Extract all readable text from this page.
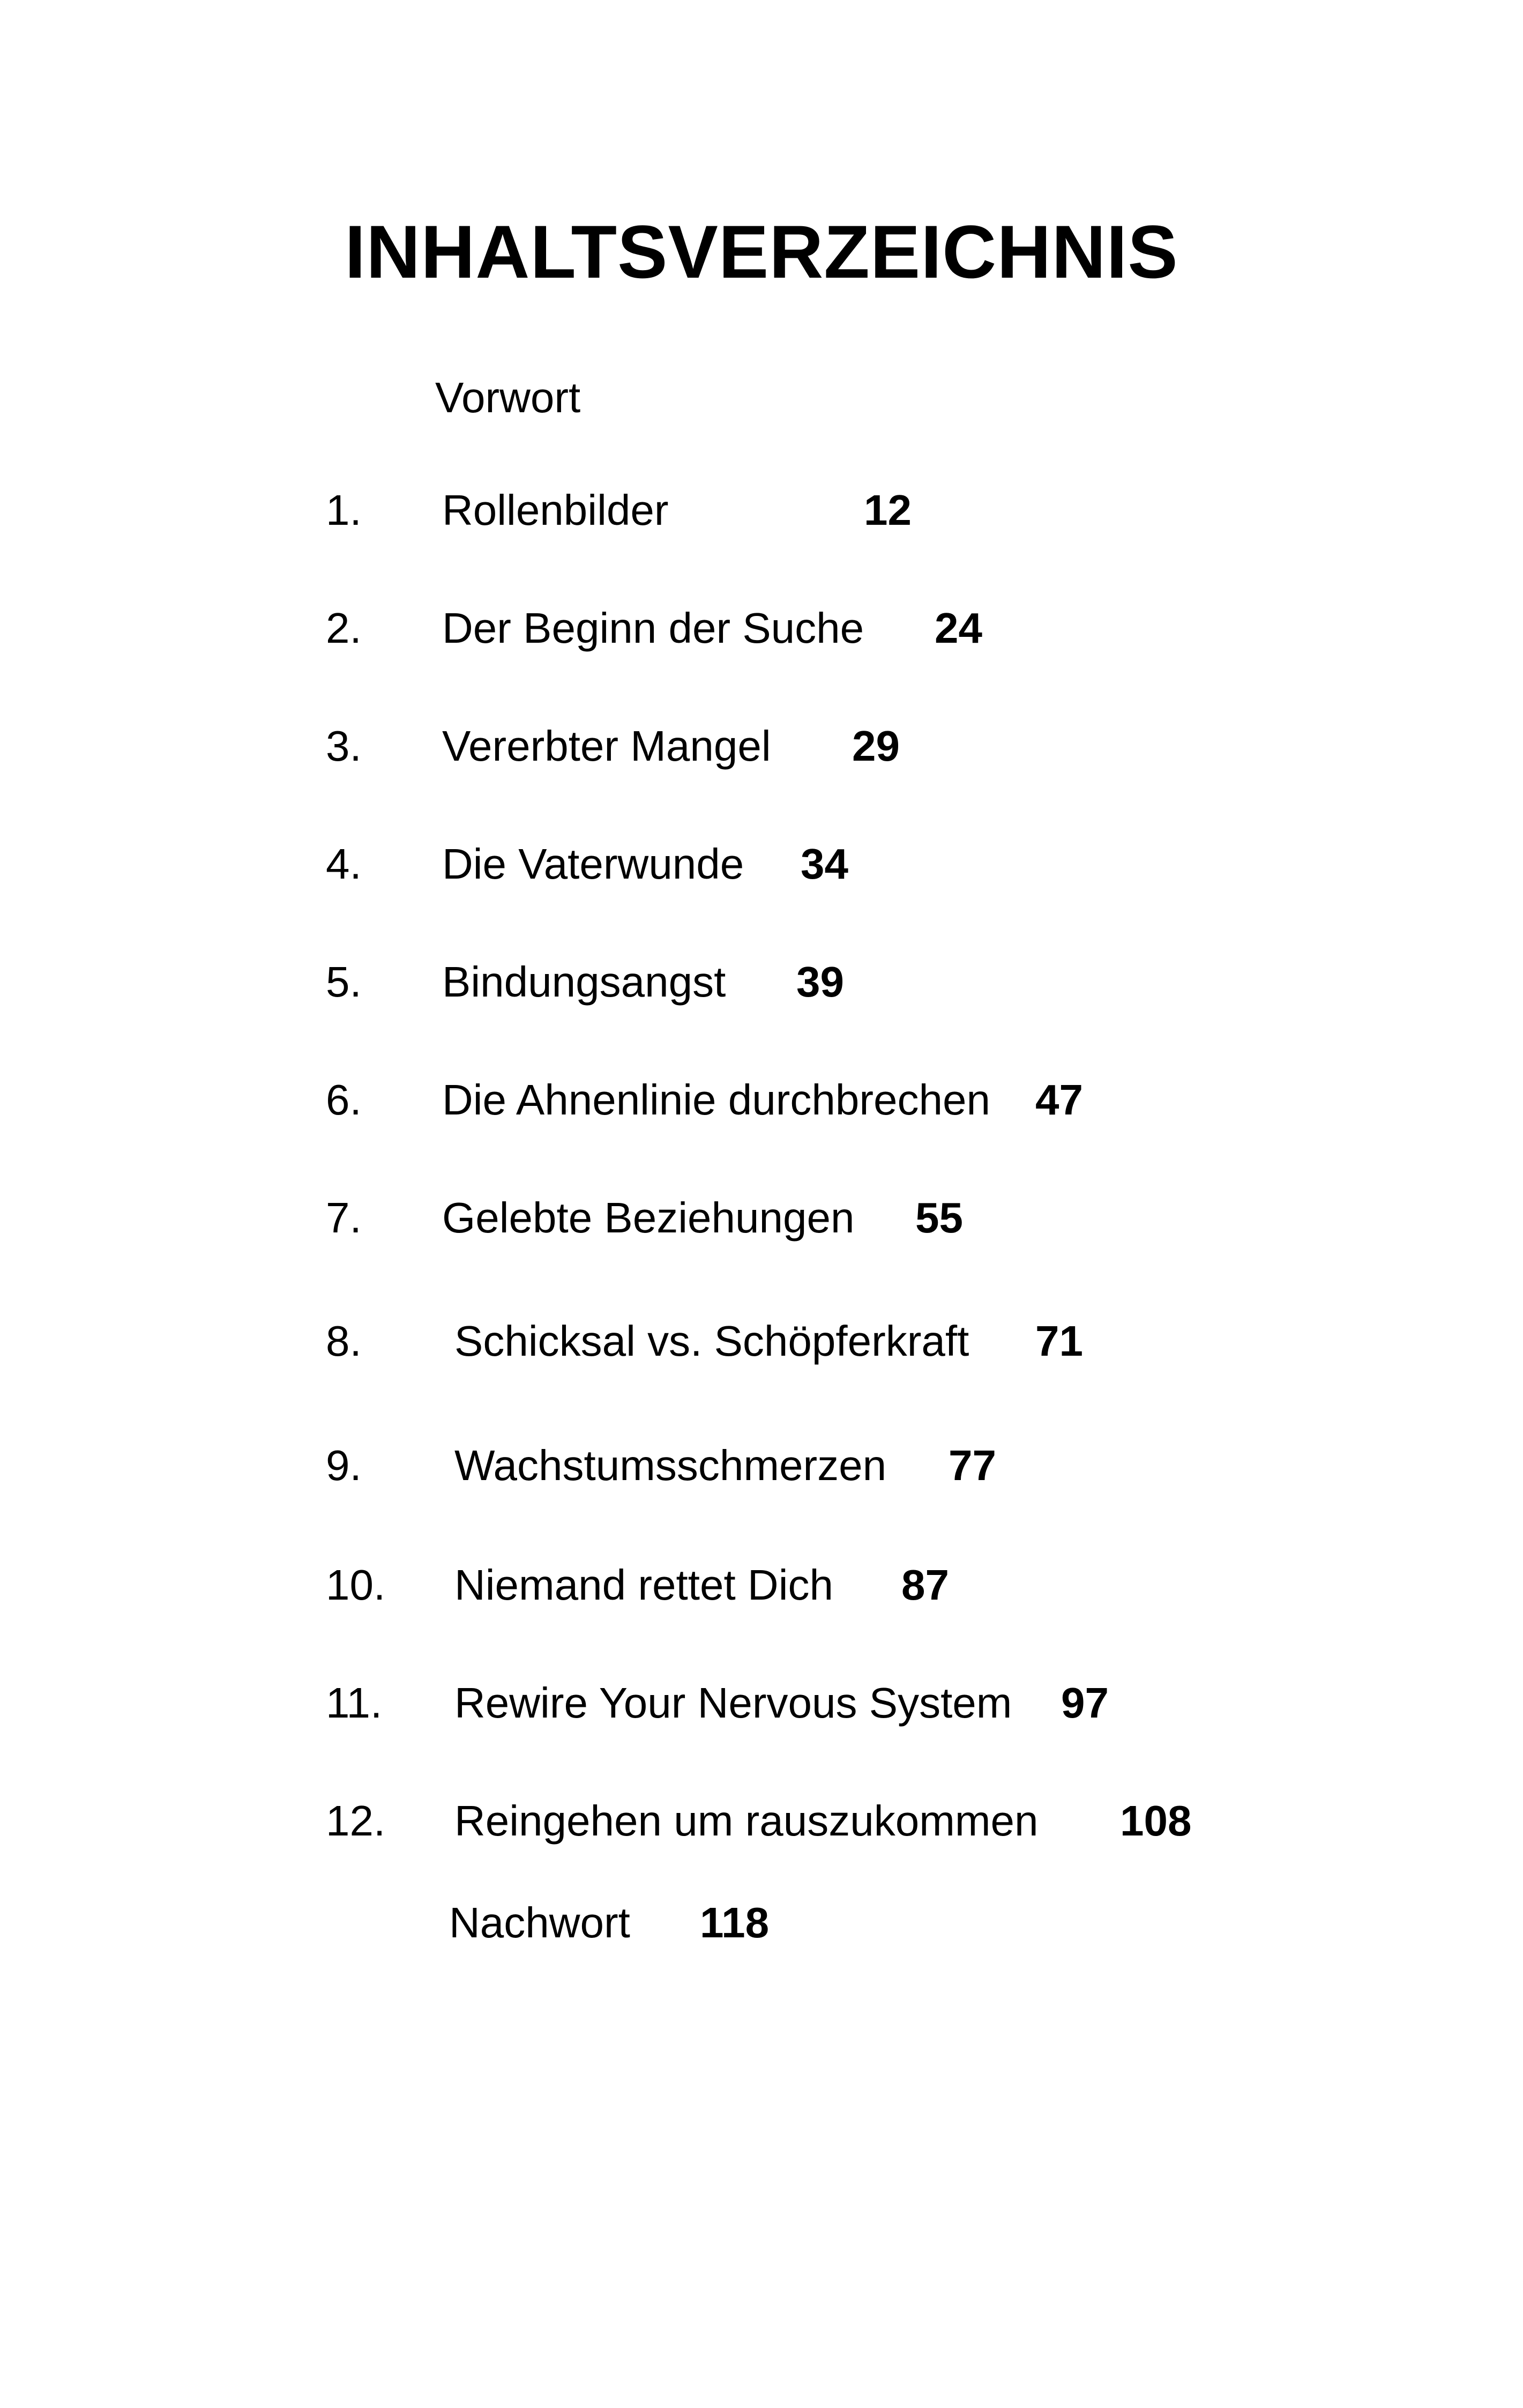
INHALTSVERZEICHNIS
Vorwort
1. Rollenbilder	12
2. Der Beginn der Suche 24
3. Vererbter Mangel 29
4. Die Vaterwunde 34
5. Bindungsangst 39
6. Die Ahnenlinie durchbrechen 47
7. Gelebte Beziehungen 55
8. Schicksal vs. Schöpferkraft 71
9. Wachstumsschmerzen 77
10. Niemand rettet Dich 87
11. Rewire Your Nervous System 97
12. Reingehen um rauszukommen 108
Nachwort 118
